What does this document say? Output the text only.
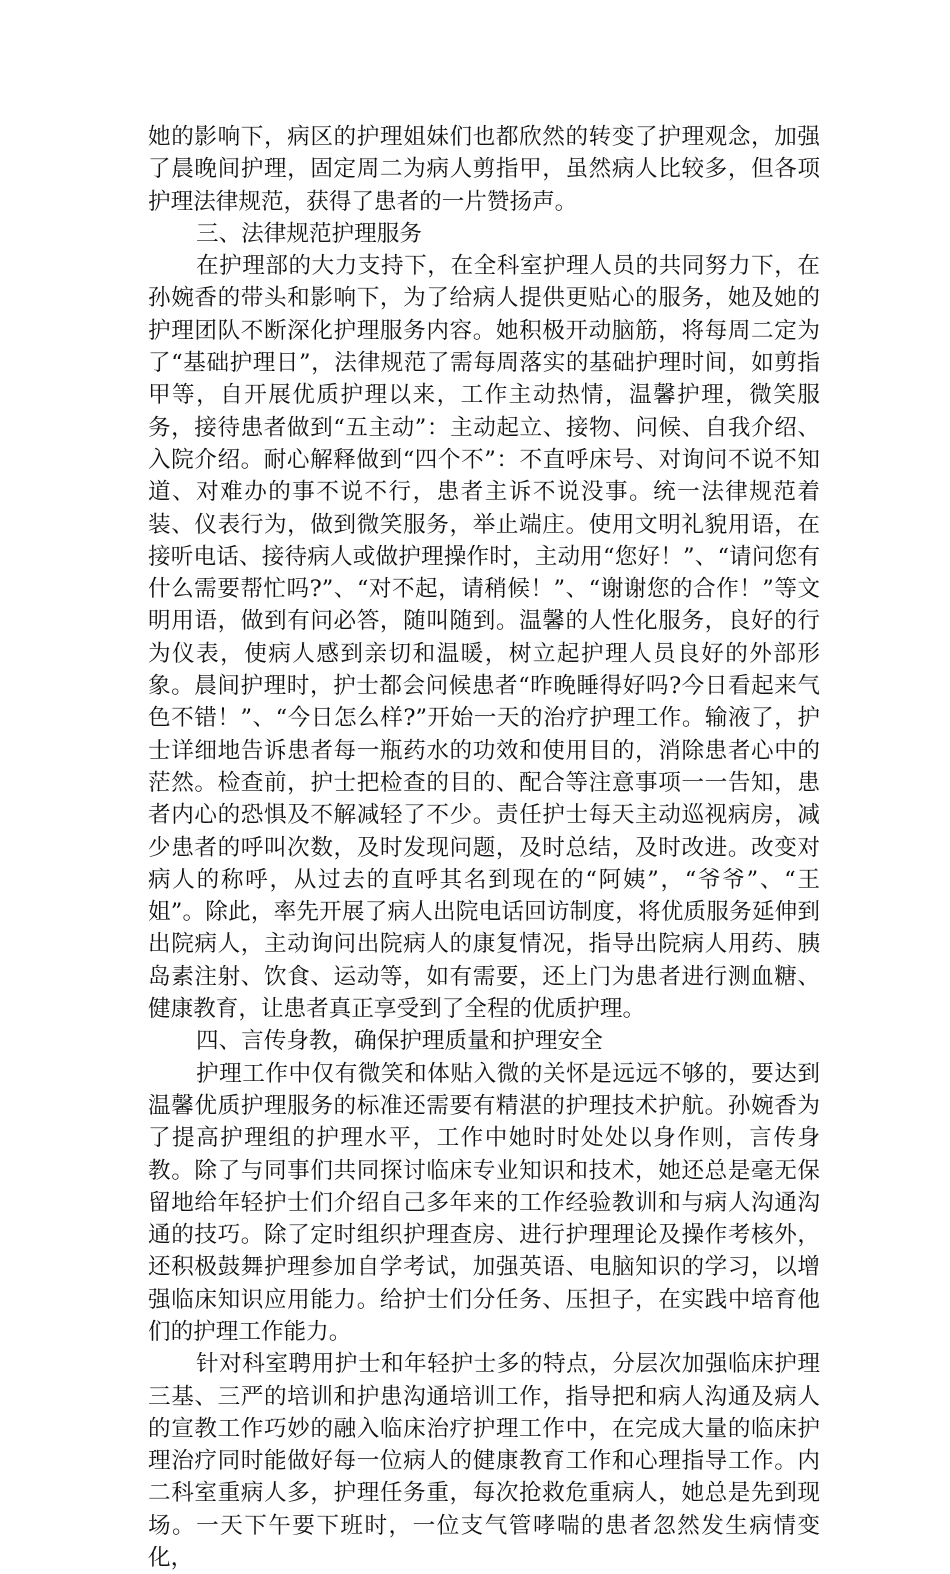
她的影响下，病区的护理姐妹们也都欣然的转变了护理观念，加强了晨晚间护理，固定周二为病人剪指甲，虽然病人比较多，但各项护理法律规范，获得了患者的一片赞扬声。

三、法律规范护理服务

在护理部的大力支持下，在全科室护理人员的共同努力下，在孙婉香的带头和影响下，为了给病人提供更贴心的服务，她及她的护理团队不断深化护理服务内容。她积极开动脑筋，将每周二定为了“基础护理日”，法律规范了需每周落实的基础护理时间，如剪指甲等，自开展优质护理以来，工作主动热情，温馨护理，微笑服务，接待患者做到“五主动”：主动起立、接物、问候、自我介绍、入院介绍。耐心解释做到“四个不”：不直呼床号、对询问不说不知道、对难办的事不说不行，患者主诉不说没事。统一法律规范着装、仪表行为，做到微笑服务，举止端庄。使用文明礼貌用语，在接听电话、接待病人或做护理操作时，主动用“您好！”、“请问您有什么需要帮忙吗?”、“对不起，请稍候！”、“谢谢您的合作！”等文明用语，做到有问必答，随叫随到。温馨的人性化服务，良好的行为仪表，使病人感到亲切和温暖，树立起护理人员良好的外部形象。晨间护理时，护士都会问候患者“昨晚睡得好吗?今日看起来气色不错！”、“今日怎么样?”开始一天的治疗护理工作。输液了，护士详细地告诉患者每一瓶药水的功效和使用目的，消除患者心中的茫然。检查前，护士把检查的目的、配合等注意事项一一告知，患者内心的恐惧及不解减轻了不少。责任护士每天主动巡视病房，减少患者的呼叫次数，及时发现问题，及时总结，及时改进。改变对病人的称呼，从过去的直呼其名到现在的“阿姨”，“爷爷”、“王姐”。除此，率先开展了病人出院电话回访制度，将优质服务延伸到出院病人，主动询问出院病人的康复情况，指导出院病人用药、胰岛素注射、饮食、运动等，如有需要，还上门为患者进行测血糖、健康教育，让患者真正享受到了全程的优质护理。

四、言传身教，确保护理质量和护理安全

护理工作中仅有微笑和体贴入微的关怀是远远不够的，要达到温馨优质护理服务的标准还需要有精湛的护理技术护航。孙婉香为了提高护理组的护理水平，工作中她时时处处以身作则，言传身教。除了与同事们共同探讨临床专业知识和技术，她还总是毫无保留地给年轻护士们介绍自己多年来的工作经验教训和与病人沟通沟通的技巧。除了定时组织护理查房、进行护理理论及操作考核外，还积极鼓舞护理参加自学考试，加强英语、电脑知识的学习，以增强临床知识应用能力。给护士们分任务、压担子，在实践中培育他们的护理工作能力。

针对科室聘用护士和年轻护士多的特点，分层次加强临床护理三基、三严的培训和护患沟通培训工作，指导把和病人沟通及病人的宣教工作巧妙的融入临床治疗护理工作中，在完成大量的临床护理治疗同时能做好每一位病人的健康教育工作和心理指导工作。内二科室重病人多，护理任务重，每次抢救危重病人，她总是先到现场。一天下午要下班时，一位支气管哮喘的患者忽然发生病情变化，
